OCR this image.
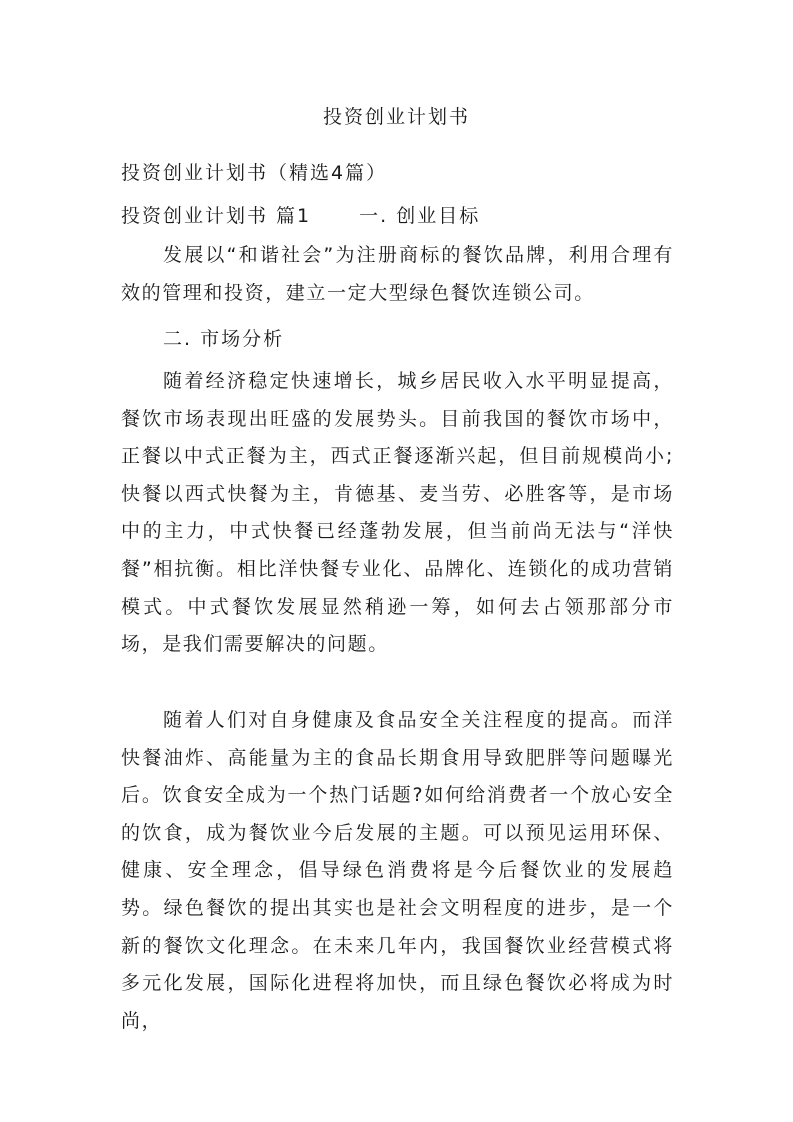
投资创业计划书
投资创业计划书（精选4篇）
投资创业计划书 篇1	一. 创业目标

发展以“和谐社会”为注册商标的餐饮品牌，利用合理有效的管理和投资，建立一定大型绿色餐饮连锁公司。

二. 市场分析

随着经济稳定快速增长，城乡居民收入水平明显提高，餐饮市场表现出旺盛的发展势头。目前我国的餐饮市场中，正餐以中式正餐为主，西式正餐逐渐兴起，但目前规模尚小;快餐以西式快餐为主，肯德基、麦当劳、必胜客等，是市场中的主力，中式快餐已经蓬勃发展，但当前尚无法与“洋快餐”相抗衡。相比洋快餐专业化、品牌化、连锁化的成功营销模式。中式餐饮发展显然稍逊一筹，如何去占领那部分市场，是我们需要解决的问题。

随着人们对自身健康及食品安全关注程度的提高。而洋快餐油炸、高能量为主的食品长期食用导致肥胖等问题曝光后。饮食安全成为一个热门话题?如何给消费者一个放心安全的饮食，成为餐饮业今后发展的主题。可以预见运用环保、健康、安全理念，倡导绿色消费将是今后餐饮业的发展趋势。绿色餐饮的提出其实也是社会文明程度的进步，是一个新的餐饮文化理念。在未来几年内，我国餐饮业经营模式将多元化发展，国际化进程将加快，而且绿色餐饮必将成为时尚，
